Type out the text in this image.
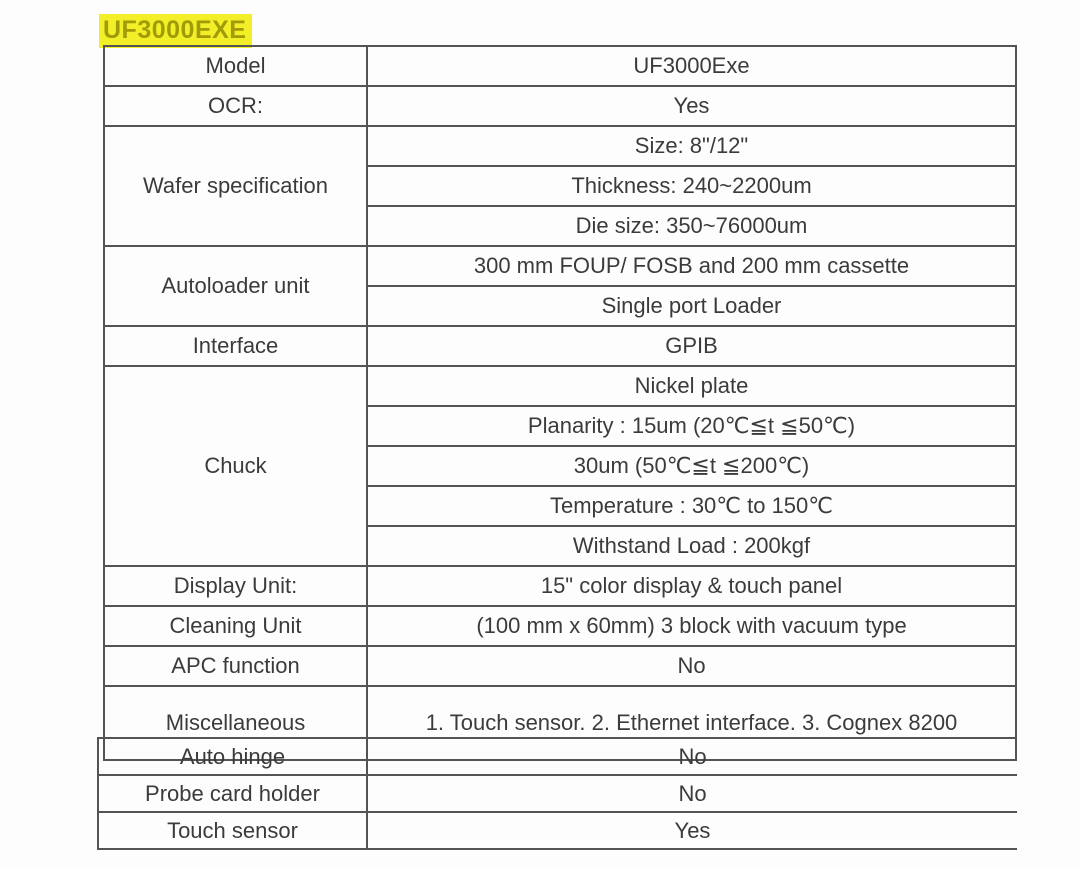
UF3000EXE
Model	UF3000Exe
OCR:	Yes
Wafer specification	Size: 8"/12"
	Thickness: 240~2200um
	Die size: 350~76000um
Autoloader unit	300 mm FOUP/ FOSB and 200 mm cassette
	Single port Loader
Interface	GPIB
Chuck	Nickel plate
	Planarity : 15um (20℃≦t ≦50℃)
	30um (50℃≦t ≦200℃)
	Temperature : 30℃ to 150℃
	Withstand Load : 200kgf
Display Unit:	15" color display & touch panel
Cleaning Unit	(100 mm x 60mm) 3 block with vacuum type
APC function	No
Miscellaneous	1. Touch sensor. 2. Ethernet interface. 3. Cognex 8200
Auto hinge	No
Probe card holder	No
Touch sensor	Yes
